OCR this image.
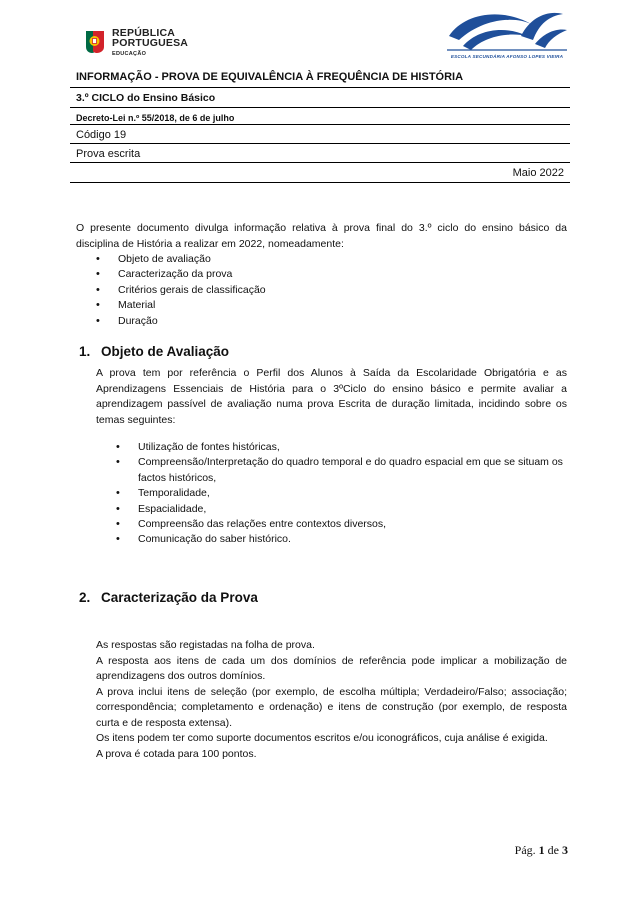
REPÚBLICA
PORTUGUESA
EDUCAÇÃO	ESCOLA SECUNDÁRIA AFONSO LOPES VIEIRA
INFORMAÇÃO - PROVA DE EQUIVALÊNCIA À FREQUÊNCIA DE HISTÓRIA
3.º CICLO do Ensino Básico
Decreto-Lei n.º 55/2018, de 6 de julho
Código 19
Prova escrita
Maio 2022
O presente documento divulga informação relativa à prova final do 3.º ciclo do ensino básico da disciplina de História a realizar em 2022, nomeadamente:
• Objeto de avaliação
• Caracterização da prova
• Critérios gerais de classificação
• Material
• Duração
1. Objeto de Avaliação
A prova tem por referência o Perfil dos Alunos à Saída da Escolaridade Obrigatória e as Aprendizagens Essenciais de História para o 3ºCiclo do ensino básico e permite avaliar a aprendizagem passível de avaliação numa prova Escrita de duração limitada, incidindo sobre os temas seguintes:
• Utilização de fontes históricas,
• Compreensão/Interpretação do quadro temporal e do quadro espacial em que se situam os factos históricos,
• Temporalidade,
• Espacialidade,
• Compreensão das relações entre contextos diversos,
• Comunicação do saber histórico.
2. Caracterização da Prova
As respostas são registadas na folha de prova.
A resposta aos itens de cada um dos domínios de referência pode implicar a mobilização de aprendizagens dos outros domínios.
A prova inclui itens de seleção (por exemplo, de escolha múltipla; Verdadeiro/Falso; associação; correspondência; completamento e ordenação) e itens de construção (por exemplo, de resposta curta e de resposta extensa).
Os itens podem ter como suporte documentos escritos e/ou iconográficos, cuja análise é exigida.
A prova é cotada para 100 pontos.
Pág. 1 de 3
